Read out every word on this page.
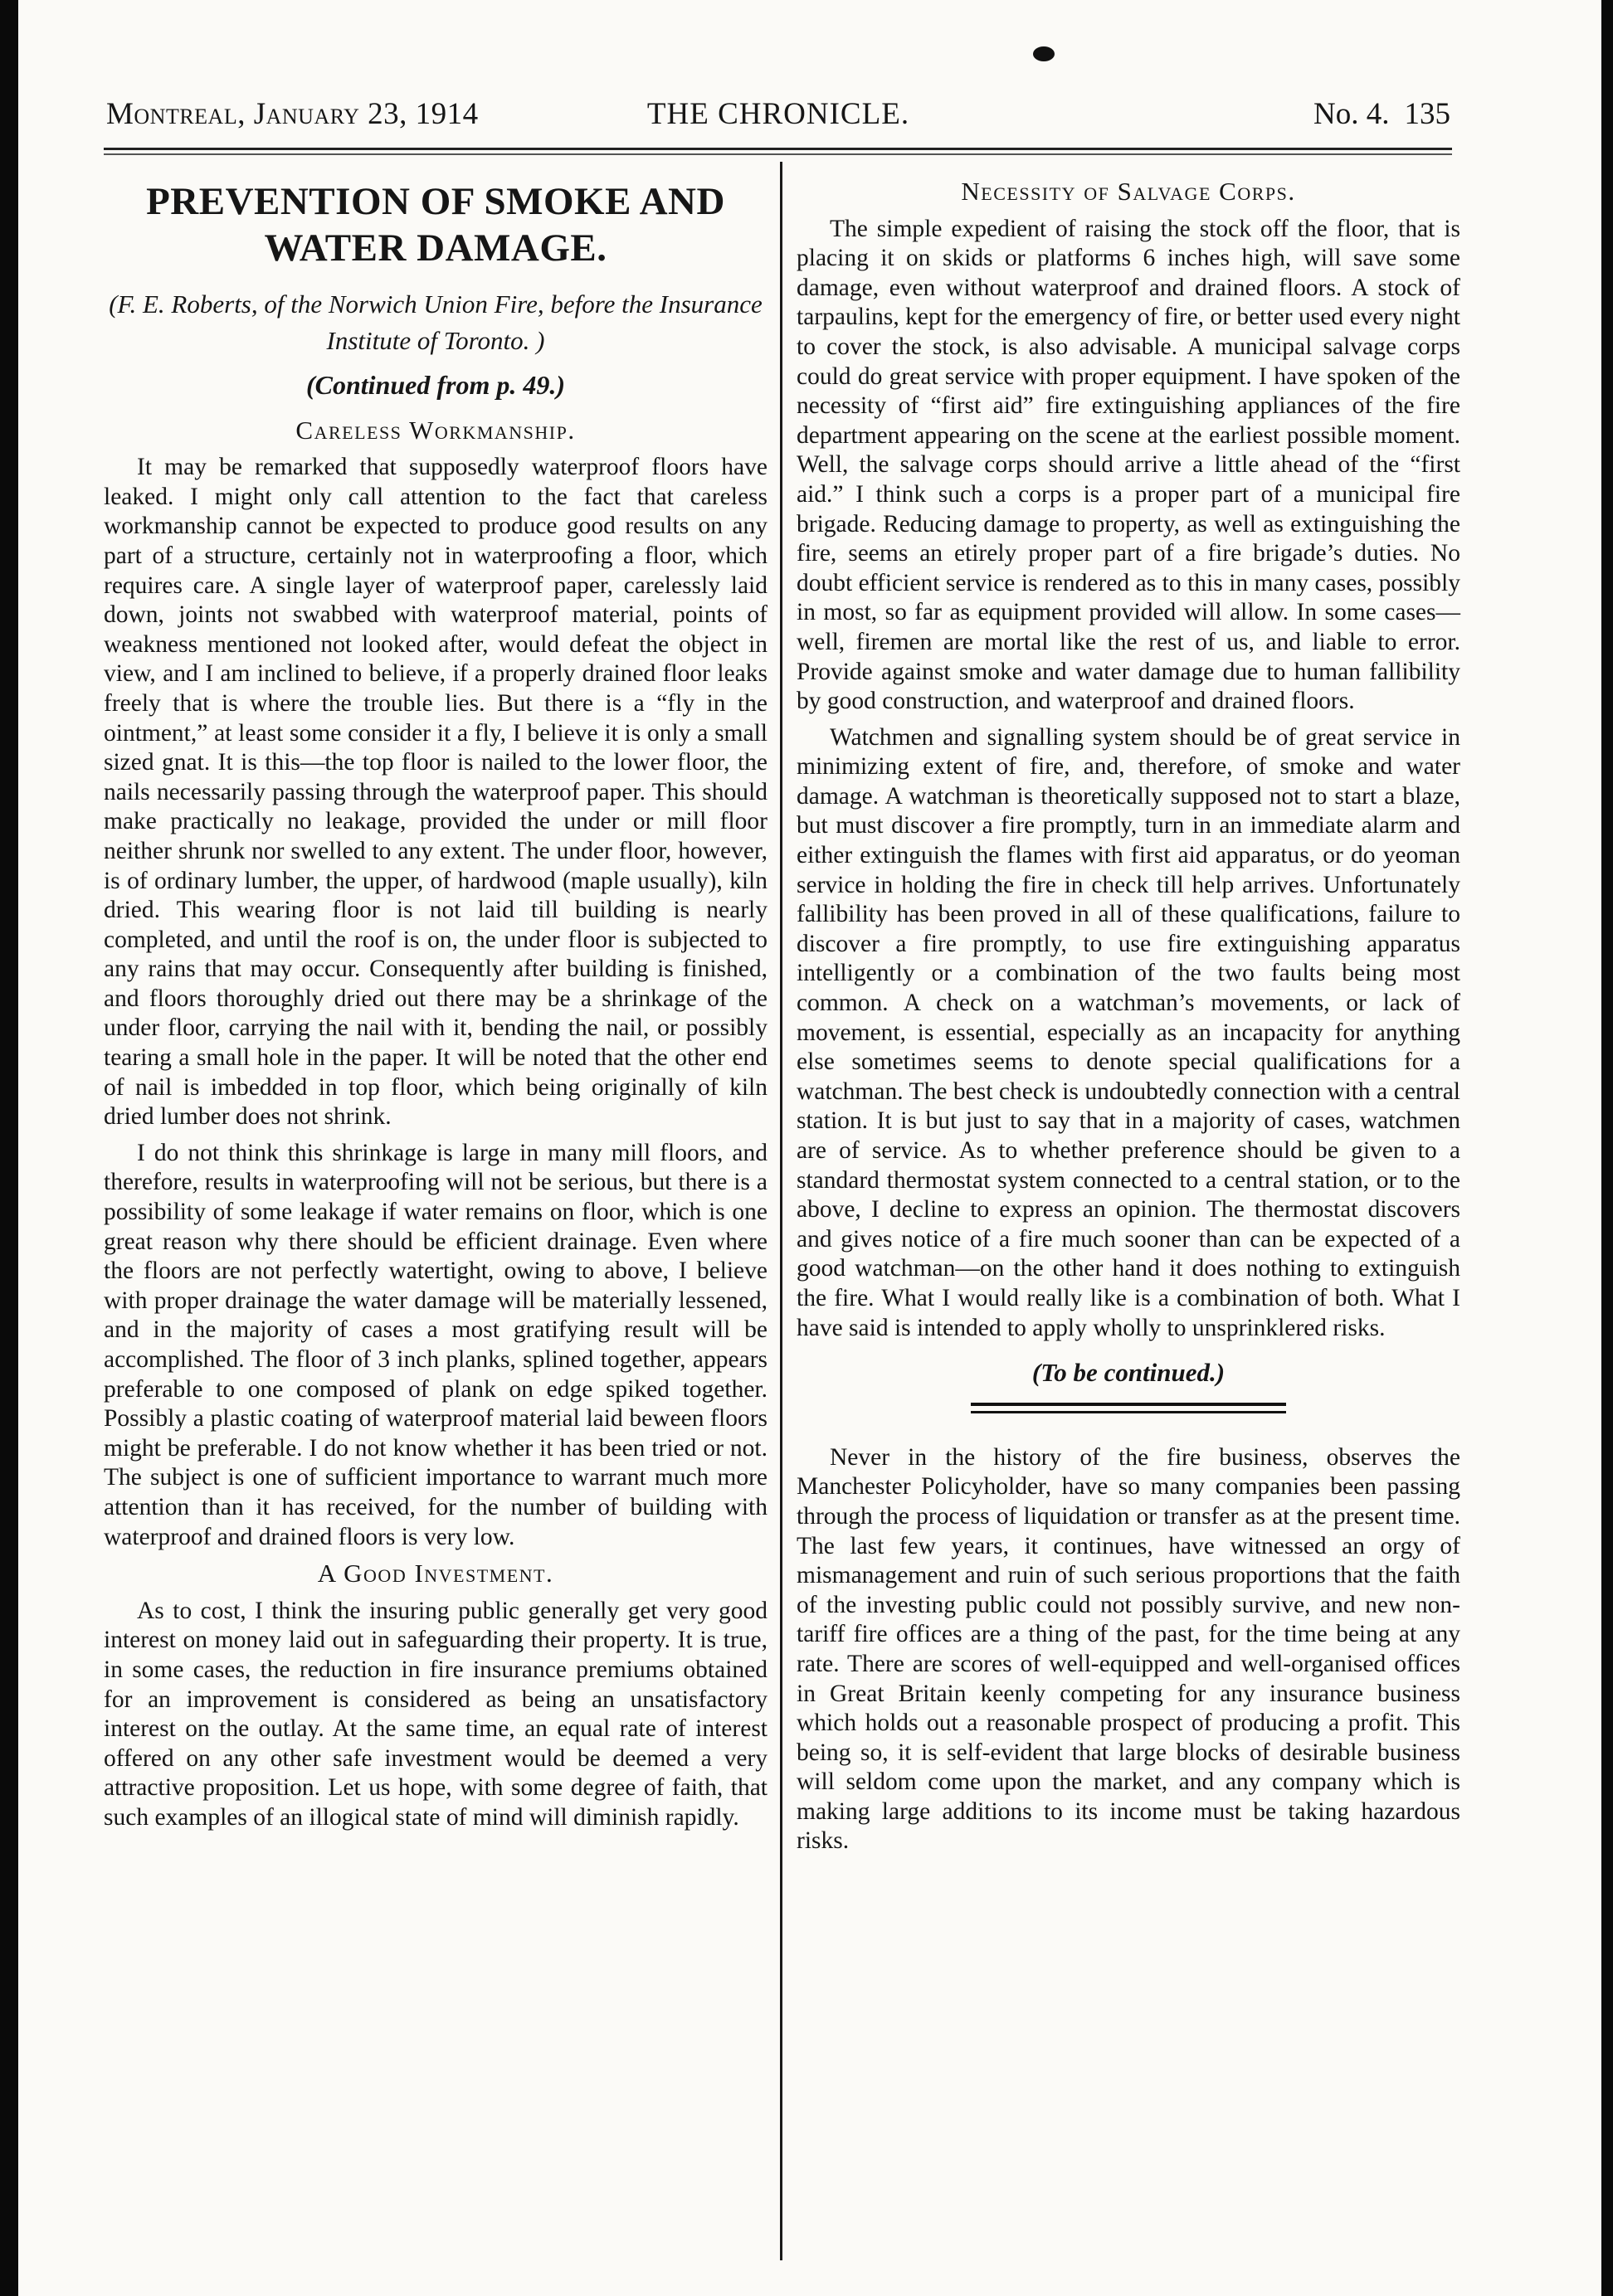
Montreal, January 23, 1914	THE CHRONICLE.	No. 4. 135
PREVENTION OF SMOKE AND WATER DAMAGE.
(F. E. Roberts, of the Norwich Union Fire, before the Insurance Institute of Toronto. )
(Continued from p. 49.)
Careless Workmanship.

It may be remarked that supposedly waterproof floors have leaked. I might only call attention to the fact that careless workmanship cannot be expected to produce good results on any part of a structure, certainly not in waterproofing a floor, which requires care. A single layer of waterproof paper, carelessly laid down, joints not swabbed with waterproof material, points of weakness mentioned not looked after, would defeat the object in view, and I am inclined to believe, if a properly drained floor leaks freely that is where the trouble lies. But there is a “fly in the ointment,” at least some consider it a fly, I believe it is only a small sized gnat. It is this—the top floor is nailed to the lower floor, the nails necessarily passing through the waterproof paper. This should make practically no leakage, provided the under or mill floor neither shrunk nor swelled to any extent. The under floor, however, is of ordinary lumber, the upper, of hardwood (maple usually), kiln dried. This wearing floor is not laid till building is nearly completed, and until the roof is on, the under floor is subjected to any rains that may occur. Consequently after building is finished, and floors thoroughly dried out there may be a shrinkage of the under floor, carrying the nail with it, bending the nail, or possibly tearing a small hole in the paper. It will be noted that the other end of nail is imbedded in top floor, which being originally of kiln dried lumber does not shrink.

I do not think this shrinkage is large in many mill floors, and therefore, results in waterproofing will not be serious, but there is a possibility of some leakage if water remains on floor, which is one great reason why there should be efficient drainage. Even where the floors are not perfectly watertight, owing to above, I believe with proper drainage the water damage will be materially lessened, and in the majority of cases a most gratifying result will be accomplished. The floor of 3 inch planks, splined together, appears preferable to one composed of plank on edge spiked together. Possibly a plastic coating of waterproof material laid beween floors might be preferable. I do not know whether it has been tried or not. The subject is one of sufficient importance to warrant much more attention than it has received, for the number of building with waterproof and drained floors is very low.

A Good Investment.

As to cost, I think the insuring public generally get very good interest on money laid out in safeguarding their property. It is true, in some cases, the reduction in fire insurance premiums obtained for an improvement is considered as being an unsatisfactory interest on the outlay. At the same time, an equal rate of interest offered on any other safe investment would be deemed a very attractive proposition. Let us hope, with some degree of faith, that such examples of an illogical state of mind will diminish rapidly.

Necessity of Salvage Corps.

The simple expedient of raising the stock off the floor, that is placing it on skids or platforms 6 inches high, will save some damage, even without waterproof and drained floors. A stock of tarpaulins, kept for the emergency of fire, or better used every night to cover the stock, is also advisable. A municipal salvage corps could do great service with proper equipment. I have spoken of the necessity of “first aid” fire extinguishing appliances of the fire department appearing on the scene at the earliest possible moment. Well, the salvage corps should arrive a little ahead of the “first aid.” I think such a corps is a proper part of a municipal fire brigade. Reducing damage to property, as well as extinguishing the fire, seems an etirely proper part of a fire brigade’s duties. No doubt efficient service is rendered as to this in many cases, possibly in most, so far as equipment provided will allow. In some cases—well, firemen are mortal like the rest of us, and liable to error. Provide against smoke and water damage due to human fallibility by good construction, and waterproof and drained floors.

Watchmen and signalling system should be of great service in minimizing extent of fire, and, therefore, of smoke and water damage. A watchman is theoretically supposed not to start a blaze, but must discover a fire promptly, turn in an immediate alarm and either extinguish the flames with first aid apparatus, or do yeoman service in holding the fire in check till help arrives. Unfortunately fallibility has been proved in all of these qualifications, failure to discover a fire promptly, to use fire extinguishing apparatus intelligently or a combination of the two faults being most common. A check on a watchman’s movements, or lack of movement, is essential, especially as an incapacity for anything else sometimes seems to denote special qualifications for a watchman. The best check is undoubtedly connection with a central station. It is but just to say that in a majority of cases, watchmen are of service. As to whether preference should be given to a standard thermostat system connected to a central station, or to the above, I decline to express an opinion. The thermostat discovers and gives notice of a fire much sooner than can be expected of a good watchman—on the other hand it does nothing to extinguish the fire. What I would really like is a combination of both. What I have said is intended to apply wholly to unsprinklered risks.

(To be continued.)

Never in the history of the fire business, observes the Manchester Policyholder, have so many companies been passing through the process of liquidation or transfer as at the present time. The last few years, it continues, have witnessed an orgy of mismanagement and ruin of such serious proportions that the faith of the investing public could not possibly survive, and new non-tariff fire offices are a thing of the past, for the time being at any rate. There are scores of well-equipped and well-organised offices in Great Britain keenly competing for any insurance business which holds out a reasonable prospect of producing a profit. This being so, it is self-evident that large blocks of desirable business will seldom come upon the market, and any company which is making large additions to its income must be taking hazardous risks.
